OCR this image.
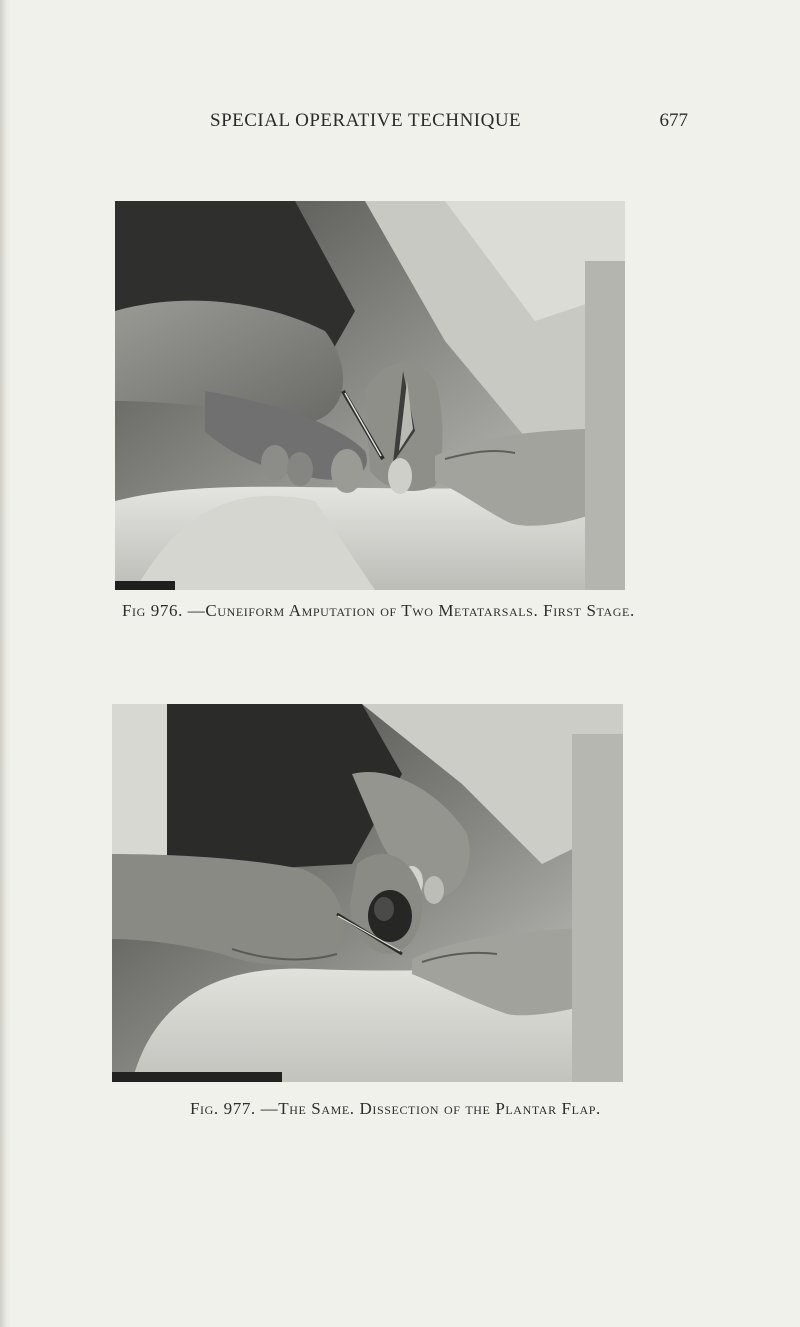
SPECIAL OPERATIVE TECHNIQUE	677
Fig 976. —Cuneiform Amputation of Two Metatarsals. First Stage.
Fig. 977. —The Same. Dissection of the Plantar Flap.
